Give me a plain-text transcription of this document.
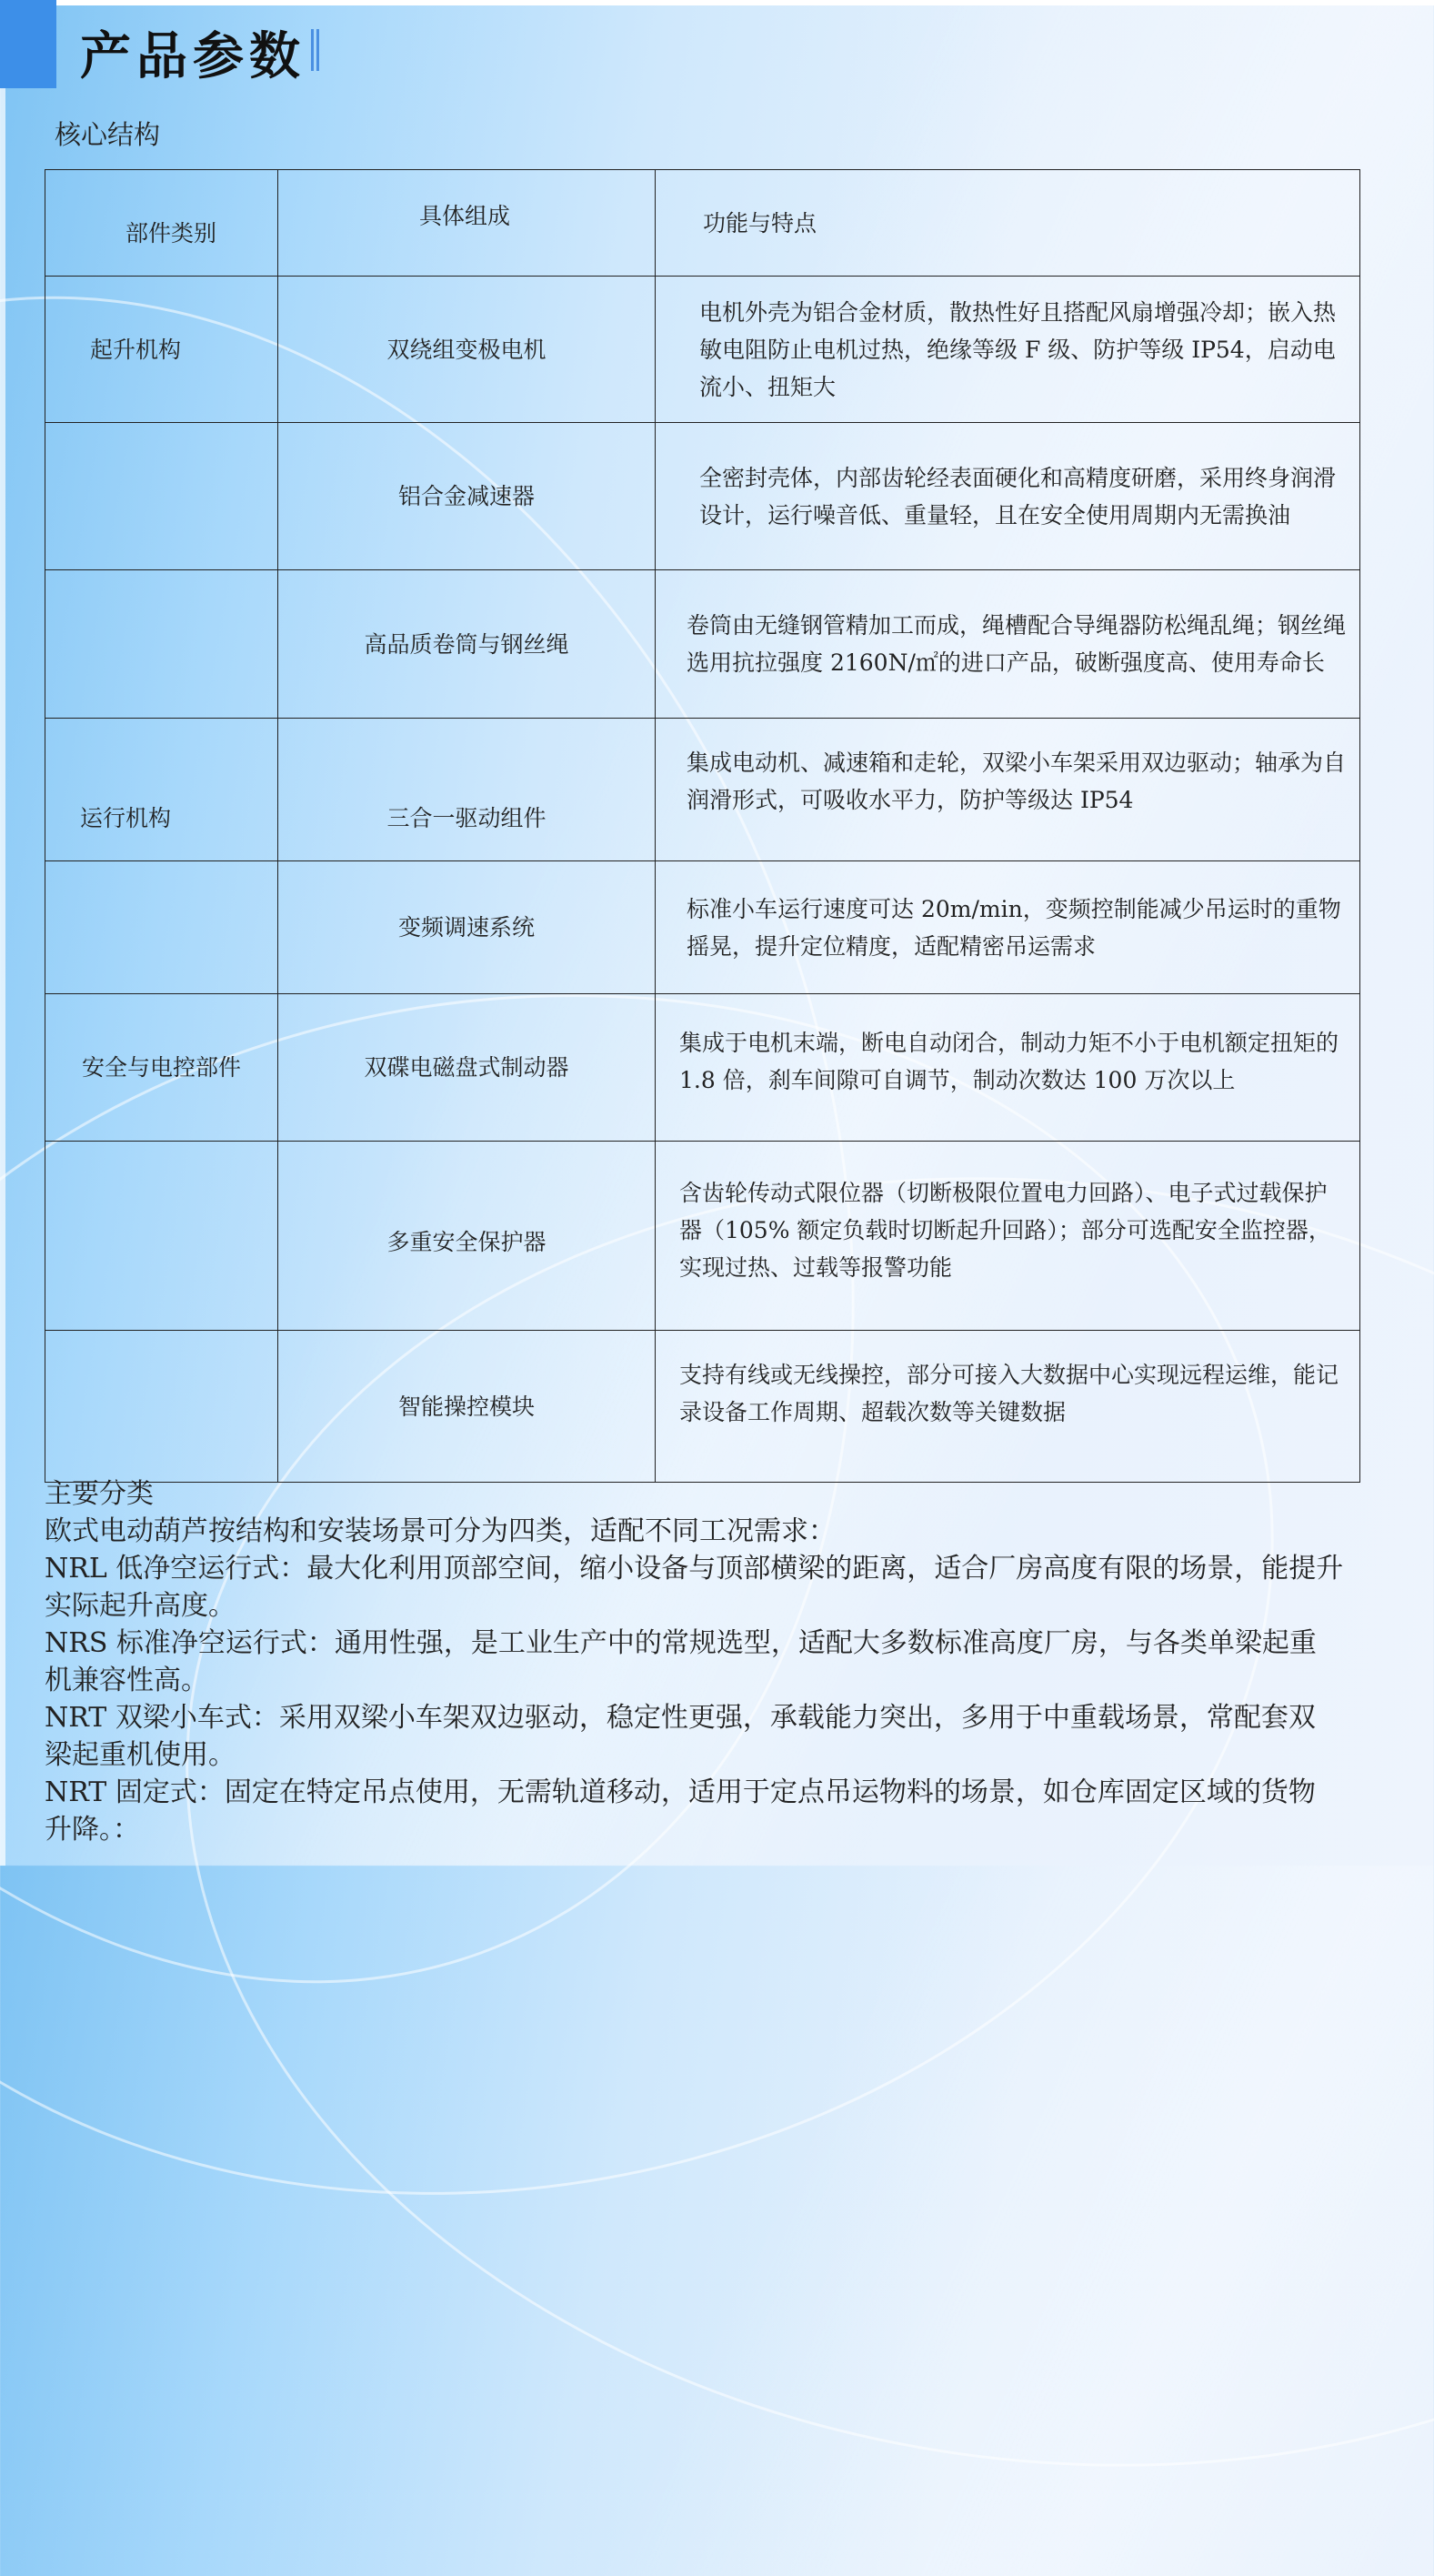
产品参数
核心结构
部件类别	具体组成	功能与特点
起升机构	双绕组变极电机	电机外壳为铝合金材质，散热性好且搭配风扇增强冷却；嵌入热敏电阻防止电机过热，绝缘等级 F 级、防护等级 IP54，启动电流小、扭矩大
	铝合金减速器	全密封壳体，内部齿轮经表面硬化和高精度研磨，采用终身润滑设计，运行噪音低、重量轻，且在安全使用周期内无需换油
	高品质卷筒与钢丝绳	卷筒由无缝钢管精加工而成，绳槽配合导绳器防松绳乱绳；钢丝绳选用抗拉强度 2160N/㎡的进口产品，破断强度高、使用寿命长
运行机构	三合一驱动组件	集成电动机、减速箱和走轮，双梁小车架采用双边驱动；轴承为自润滑形式，可吸收水平力，防护等级达 IP54
	变频调速系统	标准小车运行速度可达 20m/min，变频控制能减少吊运时的重物摇晃，提升定位精度，适配精密吊运需求
安全与电控部件	双碟电磁盘式制动器	集成于电机末端，断电自动闭合，制动力矩不小于电机额定扭矩的 1.8 倍，刹车间隙可自调节，制动次数达 100 万次以上
	多重安全保护器	含齿轮传动式限位器（切断极限位置电力回路）、电子式过载保护器（105% 额定负载时切断起升回路）；部分可选配安全监控器，实现过热、过载等报警功能
	智能操控模块	支持有线或无线操控，部分可接入大数据中心实现远程运维，能记录设备工作周期、超载次数等关键数据

主要分类

欧式电动葫芦按结构和安装场景可分为四类，适配不同工况需求：

NRL 低净空运行式：最大化利用顶部空间，缩小设备与顶部横梁的距离，适合厂房高度有限的场景，能提升实际起升高度。

NRS 标准净空运行式：通用性强，是工业生产中的常规选型，适配大多数标准高度厂房，与各类单梁起重机兼容性高。

NRT 双梁小车式：采用双梁小车架双边驱动，稳定性更强，承载能力突出，多用于中重载场景，常配套双梁起重机使用。

NRT 固定式：固定在特定吊点使用，无需轨道移动，适用于定点吊运物料的场景，如仓库固定区域的货物升降。：
